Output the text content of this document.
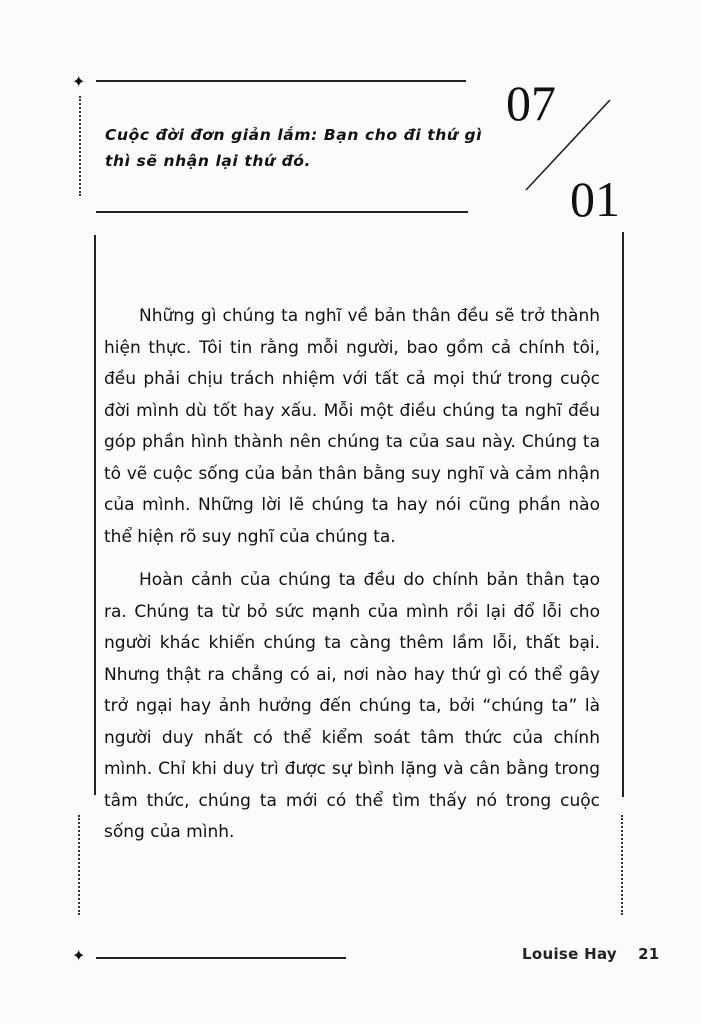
✦
Cuộc đời đơn giản lắm: Bạn cho đi thứ gì
thì sẽ nhận lại thứ đó.
07
01

Những gì chúng ta nghĩ về bản thân đều sẽ trở thành hiện thực. Tôi tin rằng mỗi người, bao gồm cả chính tôi, đều phải chịu trách nhiệm với tất cả mọi thứ trong cuộc đời mình dù tốt hay xấu. Mỗi một điều chúng ta nghĩ đều góp phần hình thành nên chúng ta của sau này. Chúng ta tô vẽ cuộc sống của bản thân bằng suy nghĩ và cảm nhận của mình. Những lời lẽ chúng ta hay nói cũng phần nào thể hiện rõ suy nghĩ của chúng ta.

Hoàn cảnh của chúng ta đều do chính bản thân tạo ra. Chúng ta từ bỏ sức mạnh của mình rồi lại đổ lỗi cho người khác khiến chúng ta càng thêm lầm lỗi, thất bại. Nhưng thật ra chẳng có ai, nơi nào hay thứ gì có thể gây trở ngại hay ảnh hưởng đến chúng ta, bởi “chúng ta” là người duy nhất có thể kiểm soát tâm thức của chính mình. Chỉ khi duy trì được sự bình lặng và cân bằng trong tâm thức, chúng ta mới có thể tìm thấy nó trong cuộc sống của mình.

✦	Louise Hay 21
